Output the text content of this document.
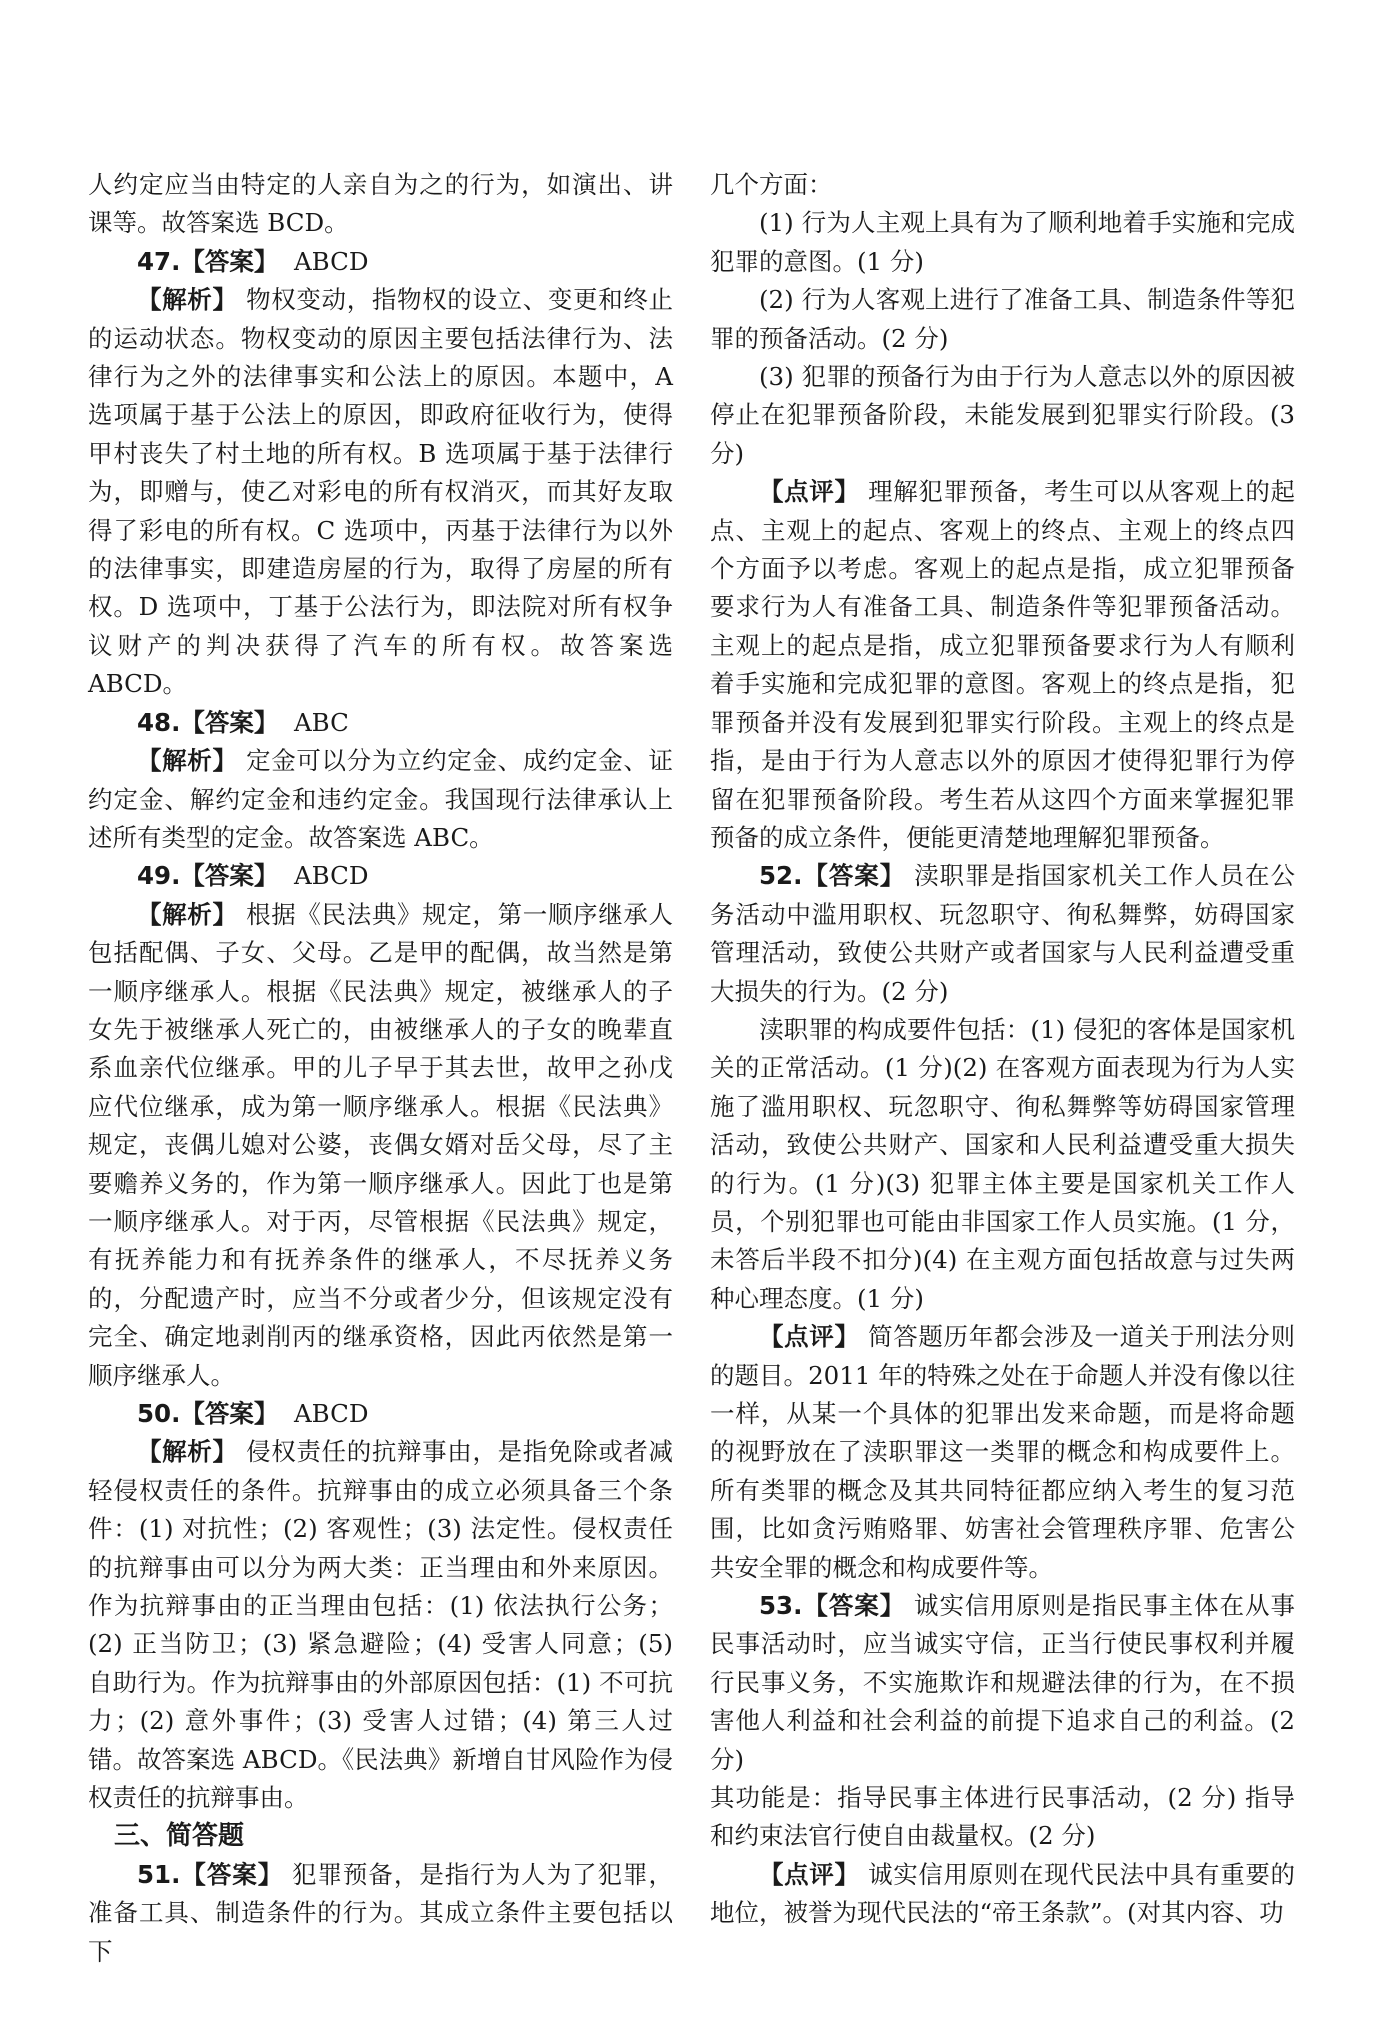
人约定应当由特定的人亲自为之的行为，如演出、讲课等。故答案选 BCD。

47.【答案】 ABCD

【解析】 物权变动，指物权的设立、变更和终止的运动状态。物权变动的原因主要包括法律行为、法律行为之外的法律事实和公法上的原因。本题中，A 选项属于基于公法上的原因，即政府征收行为，使得甲村丧失了村土地的所有权。B 选项属于基于法律行为，即赠与，使乙对彩电的所有权消灭，而其好友取得了彩电的所有权。C 选项中，丙基于法律行为以外的法律事实，即建造房屋的行为，取得了房屋的所有权。D 选项中，丁基于公法行为，即法院对所有权争议财产的判决获得了汽车的所有权。故答案选 ABCD。

48.【答案】 ABC

【解析】 定金可以分为立约定金、成约定金、证约定金、解约定金和违约定金。我国现行法律承认上述所有类型的定金。故答案选 ABC。

49.【答案】 ABCD

【解析】 根据《民法典》规定，第一顺序继承人包括配偶、子女、父母。乙是甲的配偶，故当然是第一顺序继承人。根据《民法典》规定，被继承人的子女先于被继承人死亡的，由被继承人的子女的晚辈直系血亲代位继承。甲的儿子早于其去世，故甲之孙戊应代位继承，成为第一顺序继承人。根据《民法典》规定，丧偶儿媳对公婆，丧偶女婿对岳父母，尽了主要赡养义务的，作为第一顺序继承人。因此丁也是第一顺序继承人。对于丙，尽管根据《民法典》规定，有抚养能力和有抚养条件的继承人，不尽抚养义务的，分配遗产时，应当不分或者少分，但该规定没有完全、确定地剥削丙的继承资格，因此丙依然是第一顺序继承人。

50.【答案】 ABCD

【解析】 侵权责任的抗辩事由，是指免除或者减轻侵权责任的条件。抗辩事由的成立必须具备三个条件：(1) 对抗性；(2) 客观性；(3) 法定性。侵权责任的抗辩事由可以分为两大类：正当理由和外来原因。作为抗辩事由的正当理由包括：(1) 依法执行公务；(2) 正当防卫；(3) 紧急避险；(4) 受害人同意；(5) 自助行为。作为抗辩事由的外部原因包括：(1) 不可抗力；(2) 意外事件；(3) 受害人过错；(4) 第三人过错。故答案选 ABCD。《民法典》新增自甘风险作为侵权责任的抗辩事由。

三、简答题

51.【答案】 犯罪预备，是指行为人为了犯罪，准备工具、制造条件的行为。其成立条件主要包括以下

几个方面：

(1) 行为人主观上具有为了顺利地着手实施和完成犯罪的意图。(1 分)

(2) 行为人客观上进行了准备工具、制造条件等犯罪的预备活动。(2 分)

(3) 犯罪的预备行为由于行为人意志以外的原因被停止在犯罪预备阶段，未能发展到犯罪实行阶段。(3 分)

【点评】 理解犯罪预备，考生可以从客观上的起点、主观上的起点、客观上的终点、主观上的终点四个方面予以考虑。客观上的起点是指，成立犯罪预备要求行为人有准备工具、制造条件等犯罪预备活动。主观上的起点是指，成立犯罪预备要求行为人有顺利着手实施和完成犯罪的意图。客观上的终点是指，犯罪预备并没有发展到犯罪实行阶段。主观上的终点是指，是由于行为人意志以外的原因才使得犯罪行为停留在犯罪预备阶段。考生若从这四个方面来掌握犯罪预备的成立条件，便能更清楚地理解犯罪预备。

52.【答案】 渎职罪是指国家机关工作人员在公务活动中滥用职权、玩忽职守、徇私舞弊，妨碍国家管理活动，致使公共财产或者国家与人民利益遭受重大损失的行为。(2 分)

渎职罪的构成要件包括：(1) 侵犯的客体是国家机关的正常活动。(1 分)(2) 在客观方面表现为行为人实施了滥用职权、玩忽职守、徇私舞弊等妨碍国家管理活动，致使公共财产、国家和人民利益遭受重大损失的行为。(1 分)(3) 犯罪主体主要是国家机关工作人员，个别犯罪也可能由非国家工作人员实施。(1 分，未答后半段不扣分)(4) 在主观方面包括故意与过失两种心理态度。(1 分)

【点评】 简答题历年都会涉及一道关于刑法分则的题目。2011 年的特殊之处在于命题人并没有像以往一样，从某一个具体的犯罪出发来命题，而是将命题的视野放在了渎职罪这一类罪的概念和构成要件上。所有类罪的概念及其共同特征都应纳入考生的复习范围，比如贪污贿赂罪、妨害社会管理秩序罪、危害公共安全罪的概念和构成要件等。

53.【答案】 诚实信用原则是指民事主体在从事民事活动时，应当诚实守信，正当行使民事权利并履行民事义务，不实施欺诈和规避法律的行为，在不损害他人利益和社会利益的前提下追求自己的利益。(2 分)

其功能是：指导民事主体进行民事活动，(2 分) 指导和约束法官行使自由裁量权。(2 分)

【点评】 诚实信用原则在现代民法中具有重要的地位，被誉为现代民法的“帝王条款”。(对其内容、功
